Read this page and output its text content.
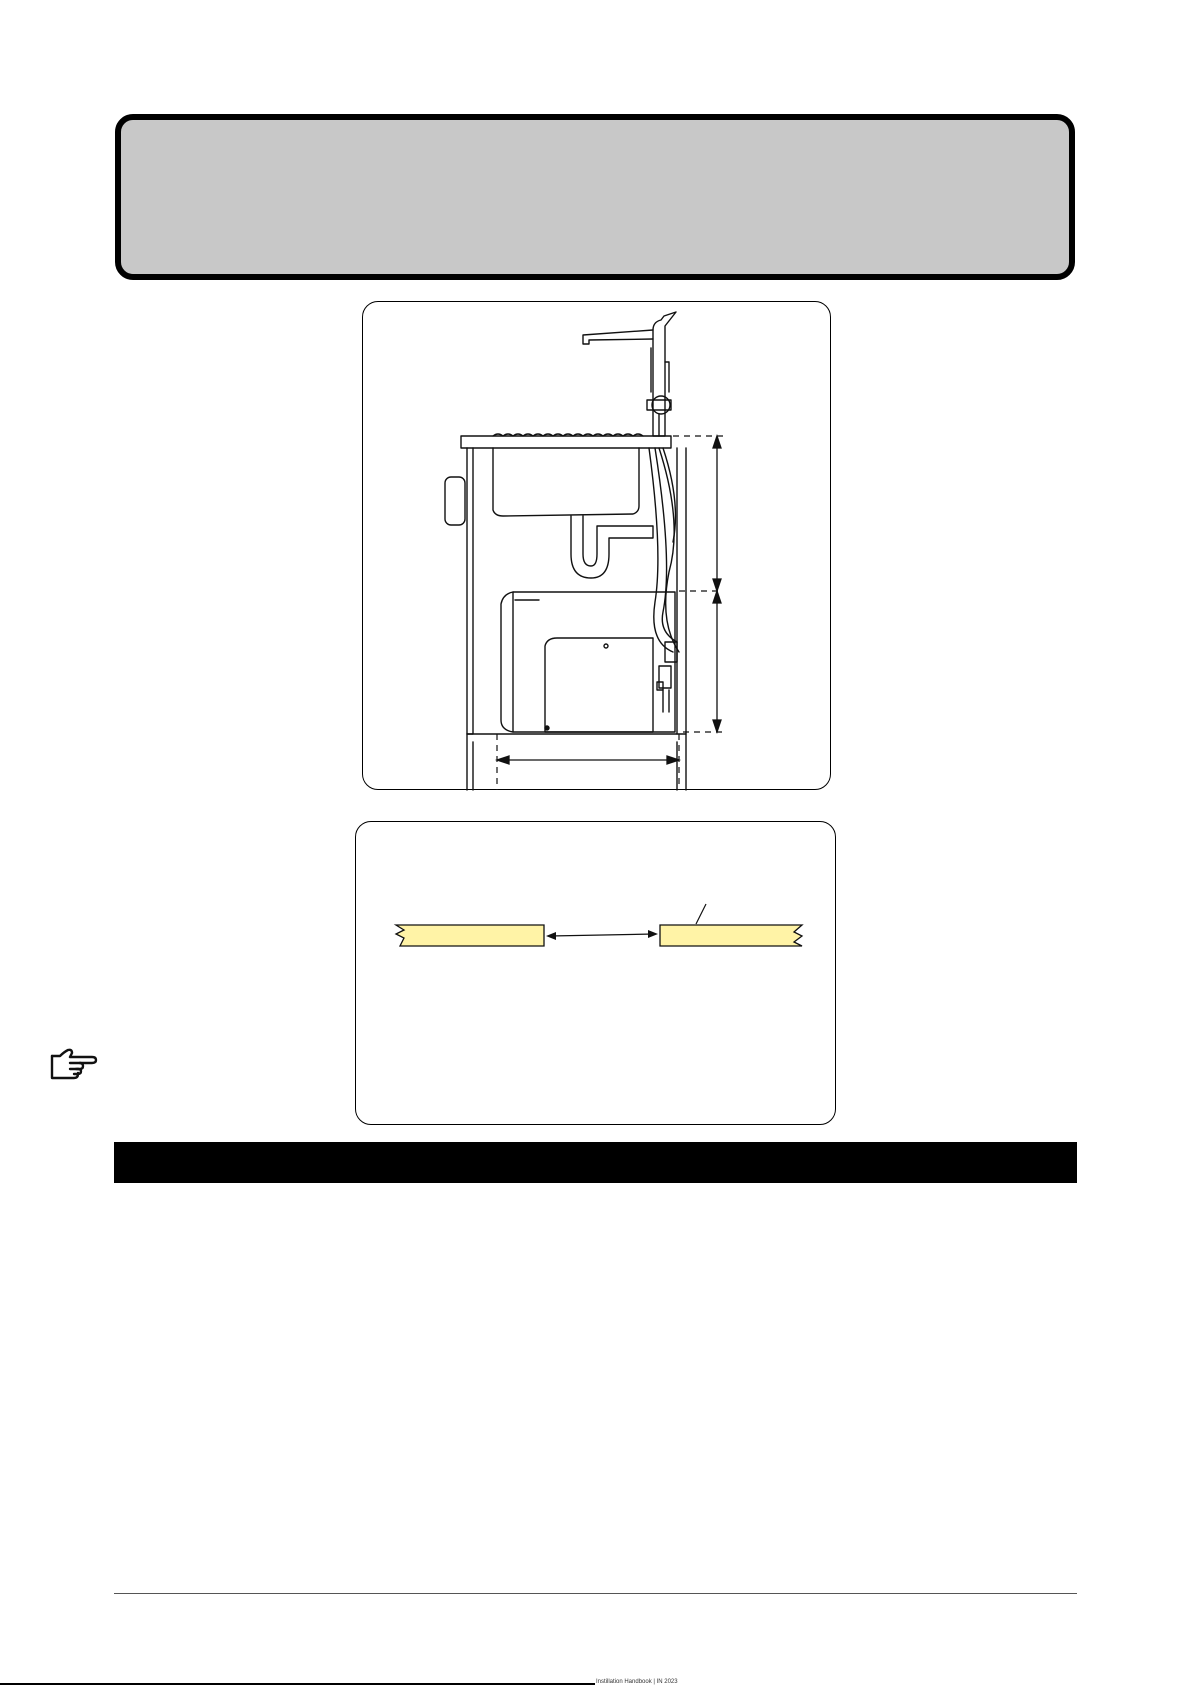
Instillation Handbook | IN 2023
